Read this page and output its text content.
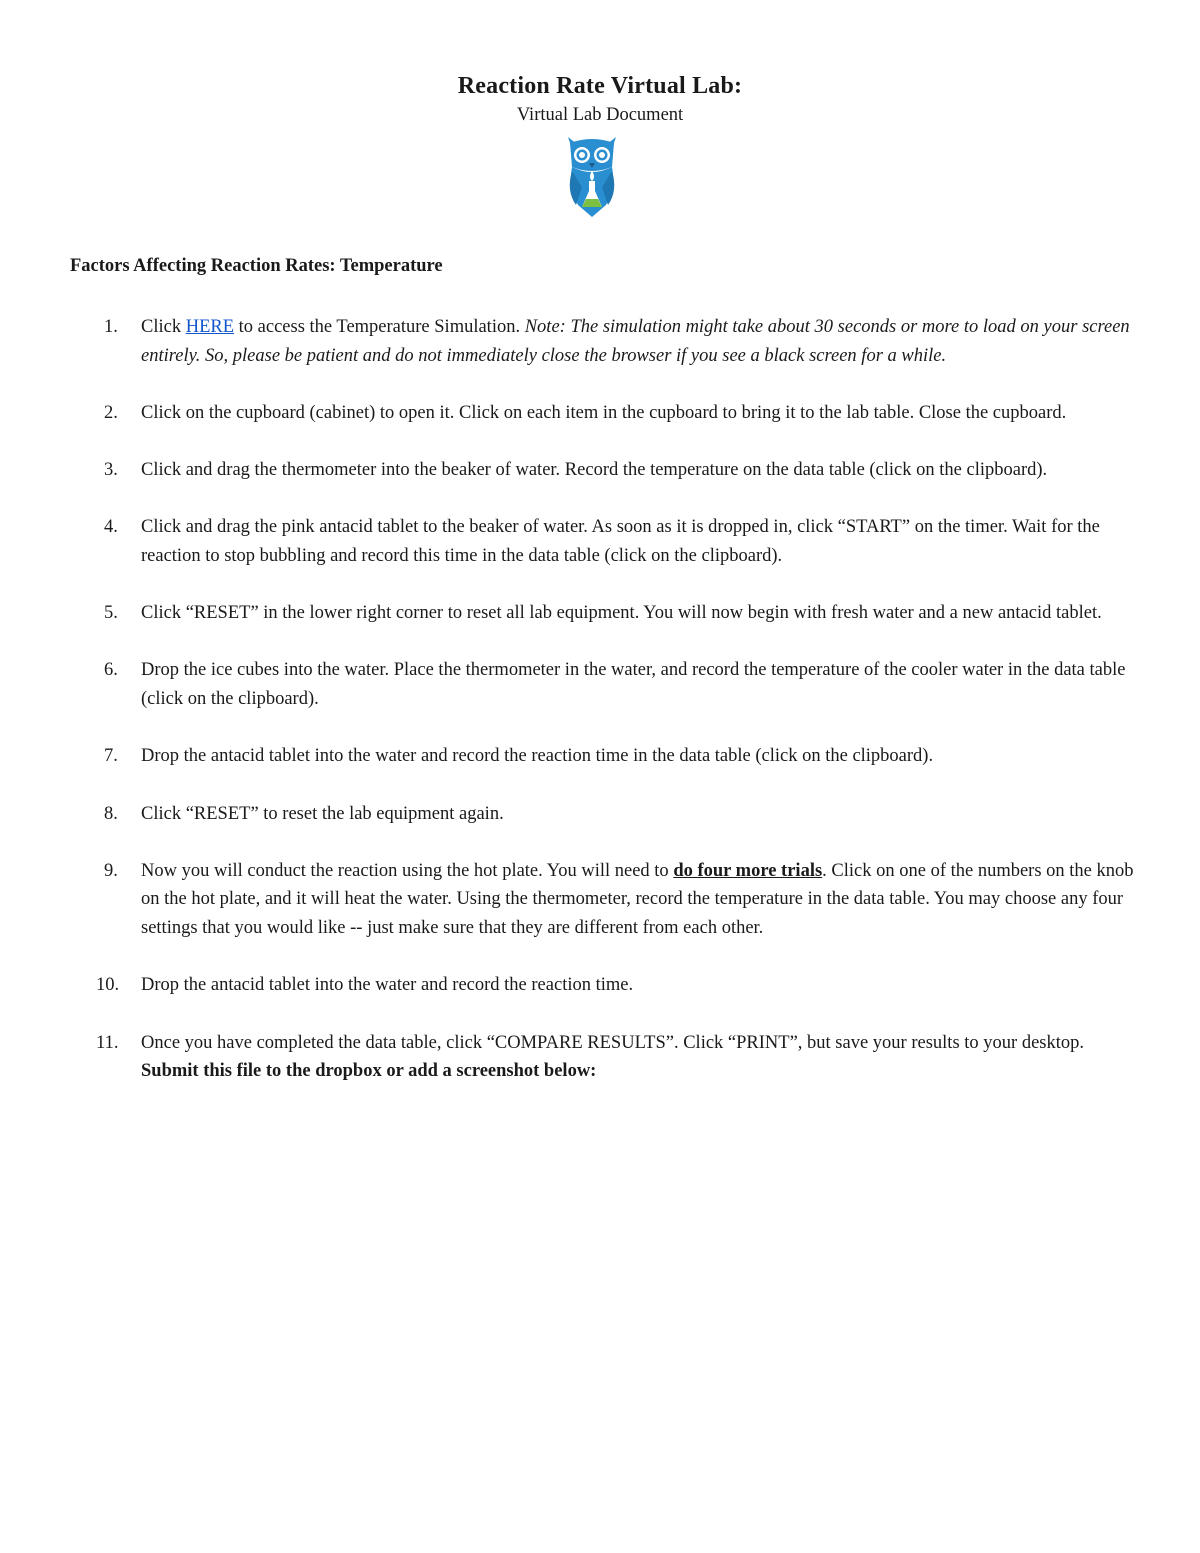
Reaction Rate Virtual Lab:
Virtual Lab Document
Factors Affecting Reaction Rates: Temperature
1. Click HERE to access the Temperature Simulation. Note: The simulation might take about 30 seconds or more to load on your screen entirely. So, please be patient and do not immediately close the browser if you see a black screen for a while.
2. Click on the cupboard (cabinet) to open it. Click on each item in the cupboard to bring it to the lab table. Close the cupboard.
3. Click and drag the thermometer into the beaker of water. Record the temperature on the data table (click on the clipboard).
4. Click and drag the pink antacid tablet to the beaker of water. As soon as it is dropped in, click “START” on the timer. Wait for the reaction to stop bubbling and record this time in the data table (click on the clipboard).
5. Click “RESET” in the lower right corner to reset all lab equipment. You will now begin with fresh water and a new antacid tablet.
6. Drop the ice cubes into the water. Place the thermometer in the water, and record the temperature of the cooler water in the data table (click on the clipboard).
7. Drop the antacid tablet into the water and record the reaction time in the data table (click on the clipboard).
8. Click “RESET” to reset the lab equipment again.
9. Now you will conduct the reaction using the hot plate. You will need to do four more trials. Click on one of the numbers on the knob on the hot plate, and it will heat the water. Using the thermometer, record the temperature in the data table. You may choose any four settings that you would like -- just make sure that they are different from each other.
10. Drop the antacid tablet into the water and record the reaction time.
11. Once you have completed the data table, click “COMPARE RESULTS”. Click “PRINT”, but save your results to your desktop. Submit this file to the dropbox or add a screenshot below:
